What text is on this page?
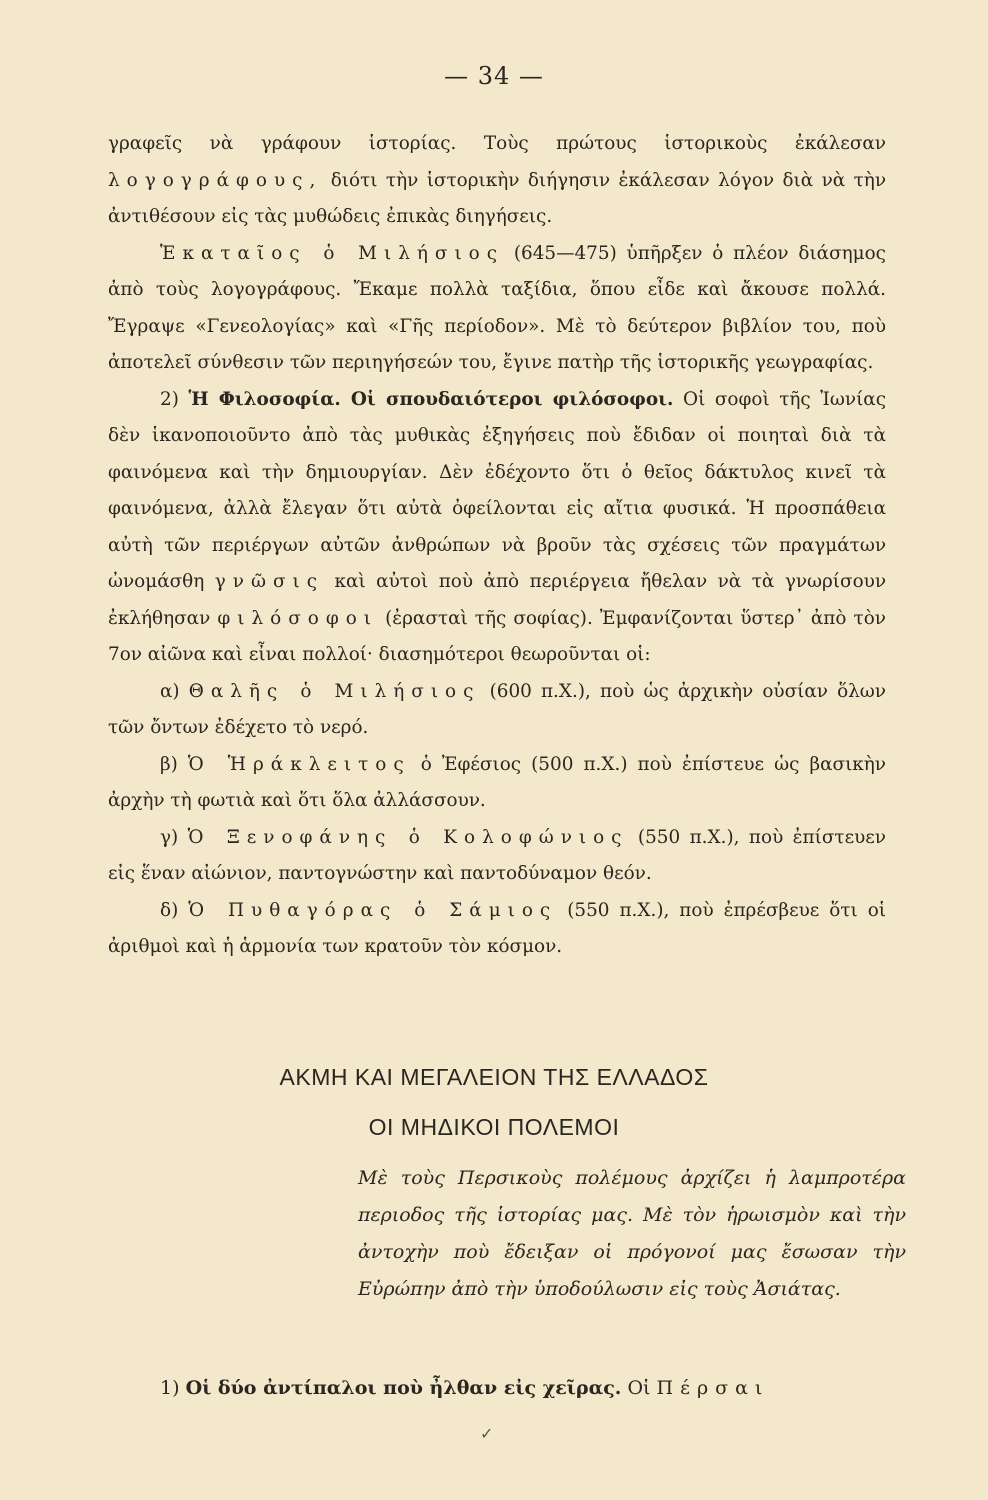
— 34 —

γραφεῖς νὰ γράφουν ἱστορίας. Τοὺς πρώτους ἱστορικοὺς ἐκάλεσαν λογογράφους, διότι τὴν ἱστορικὴν διήγησιν ἐκάλεσαν λόγον διὰ νὰ τὴν ἀντιθέσουν εἰς τὰς μυθώδεις ἐπικὰς διηγήσεις.

Ἑκαταῖος ὁ Μιλήσιος (645—475) ὑπῆρξεν ὁ πλέον διάσημος ἀπὸ τοὺς λογογράφους. Ἔκαμε πολλὰ ταξίδια, ὅπου εἶδε καὶ ἄκουσε πολλά. Ἔγραψε «Γενεολογίας» καὶ «Γῆς περίοδον». Μὲ τὸ δεύτερον βιβλίον του, ποὺ ἀποτελεῖ σύνθεσιν τῶν περιηγήσεών του, ἔγινε πατὴρ τῆς ἱστορικῆς γεωγραφίας.

2) Ἡ Φιλοσοφία. Οἱ σπουδαιότεροι φιλόσοφοι. Οἱ σοφοὶ τῆς Ἰωνίας δὲν ἱκανοποιοῦντο ἀπὸ τὰς μυθικὰς ἐξηγήσεις ποὺ ἔδιδαν οἱ ποιηταὶ διὰ τὰ φαινόμενα καὶ τὴν δημιουργίαν. Δὲν ἐδέχοντο ὅτι ὁ θεῖος δάκτυλος κινεῖ τὰ φαινόμενα, ἀλλὰ ἔλεγαν ὅτι αὐτὰ ὀφείλονται εἰς αἴτια φυσικά. Ἡ προσπάθεια αὐτὴ τῶν περιέργων αὐτῶν ἀνθρώπων νὰ βροῦν τὰς σχέσεις τῶν πραγμάτων ὠνομάσθη γνῶσις καὶ αὐτοὶ ποὺ ἀπὸ περιέργεια ἤθελαν νὰ τὰ γνωρίσουν ἐκλήθησαν φιλόσοφοι (ἐρασταὶ τῆς σοφίας). Ἐμφανίζονται ὕστερ᾽ ἀπὸ τὸν 7ον αἰῶνα καὶ εἶναι πολλοί· διασημότεροι θεωροῦνται οἱ:

α) Θαλῆς ὁ Μιλήσιος (600 π.Χ.), ποὺ ὡς ἀρχικὴν οὐσίαν ὅλων τῶν ὄντων ἐδέχετο τὸ νερό.

β) Ὁ Ἡράκλειτος ὁ Ἐφέσιος (500 π.Χ.) ποὺ ἐπίστευε ὡς βασικὴν ἀρχὴν τὴ φωτιὰ καὶ ὅτι ὅλα ἀλλάσσουν.

γ) Ὁ Ξενοφάνης ὁ Κολοφώνιος (550 π.Χ.), ποὺ ἐπίστευεν εἰς ἕναν αἰώνιον, παντογνώστην καὶ παντοδύναμον θεόν.

δ) Ὁ Πυθαγόρας ὁ Σάμιος (550 π.Χ.), ποὺ ἐπρέσβευε ὅτι οἱ ἀριθμοὶ καὶ ἡ ἁρμονία των κρατοῦν τὸν κόσμον.

ΑΚΜΗ ΚΑΙ ΜΕΓΑΛΕΙΟΝ ΤΗΣ ΕΛΛΑΔΟΣ
ΟΙ ΜΗΔΙΚΟΙ ΠΟΛΕΜΟΙ
Μὲ τοὺς Περσικοὺς πολέμους ἀρχίζει ἡ λαμπροτέρα περιοδος τῆς ἱστορίας μας. Μὲ τὸν ἡρωισμὸν καὶ τὴν ἀντοχὴν ποὺ ἔδειξαν οἱ πρόγονοί μας ἔσωσαν τὴν Εὐρώπην ἀπὸ τὴν ὑποδούλωσιν εἰς τοὺς Ἀσιάτας.
1) Οἱ δύο ἀντίπαλοι ποὺ ἦλθαν εἰς χεῖρας. Οἱ Πέρσαι
✓
